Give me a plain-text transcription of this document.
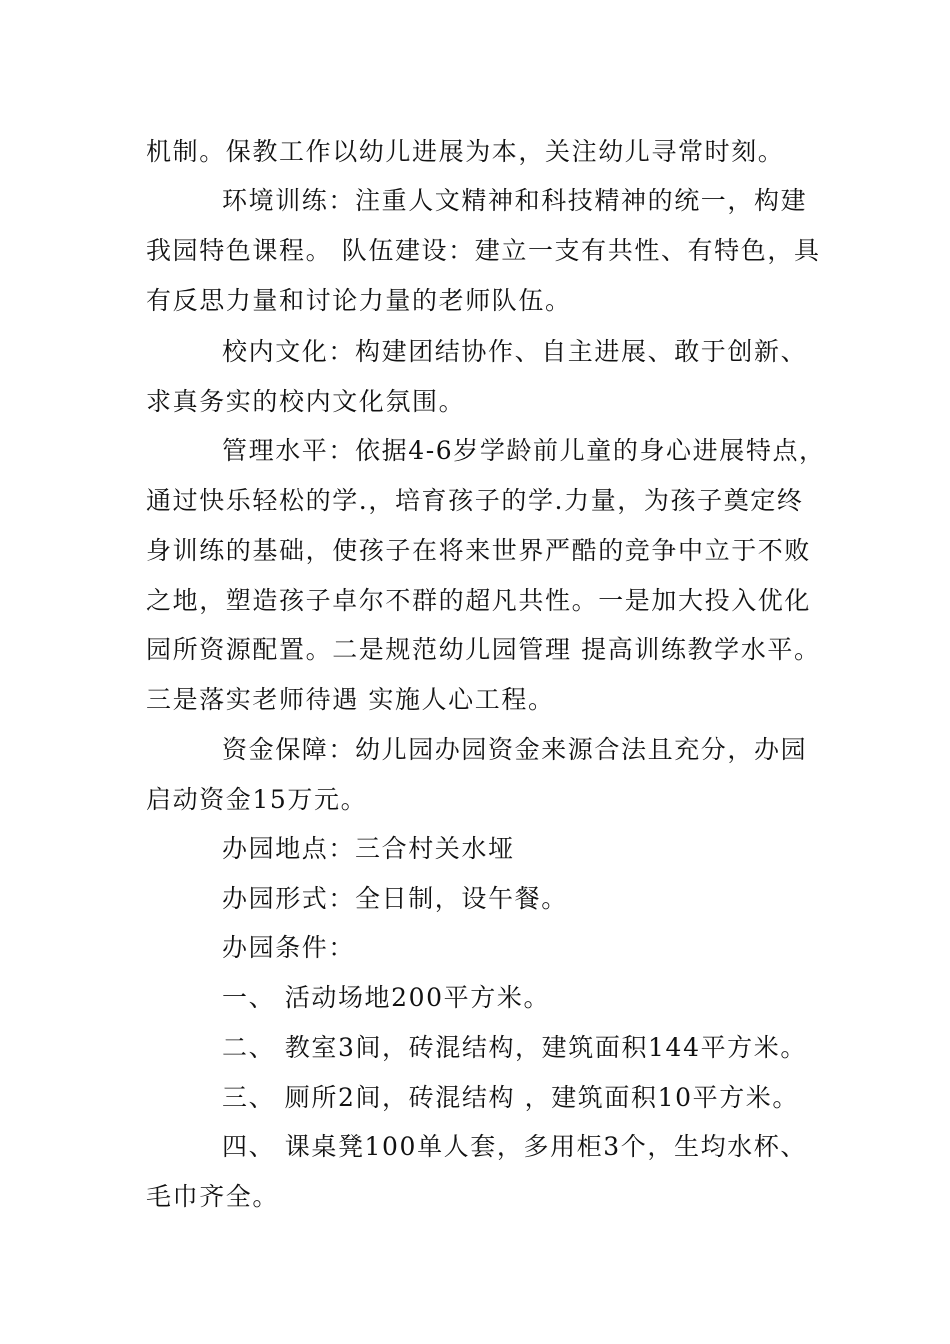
机制。保教工作以幼儿进展为本，关注幼儿寻常时刻。
环境训练：注重人文精神和科技精神的统一，构建
我园特色课程。 队伍建设：建立一支有共性、有特色，具
有反思力量和讨论力量的老师队伍。
校内文化：构建团结协作、自主进展、敢于创新、
求真务实的校内文化氛围。
管理水平：依据4-6岁学龄前儿童的身心进展特点，
通过快乐轻松的学.，培育孩子的学.力量，为孩子奠定终
身训练的基础，使孩子在将来世界严酷的竞争中立于不败
之地，塑造孩子卓尔不群的超凡共性。一是加大投入优化
园所资源配置。二是规范幼儿园管理 提高训练教学水平。
三是落实老师待遇 实施人心工程。
资金保障：幼儿园办园资金来源合法且充分，办园
启动资金15万元。
办园地点：三合村关水垭
办园形式：全日制，设午餐。
办园条件：
一、 活动场地200平方米。
二、 教室3间，砖混结构，建筑面积144平方米。
三、 厕所2间，砖混结构 ，建筑面积10平方米。
四、 课桌凳100单人套，多用柜3个，生均水杯、
毛巾齐全。
